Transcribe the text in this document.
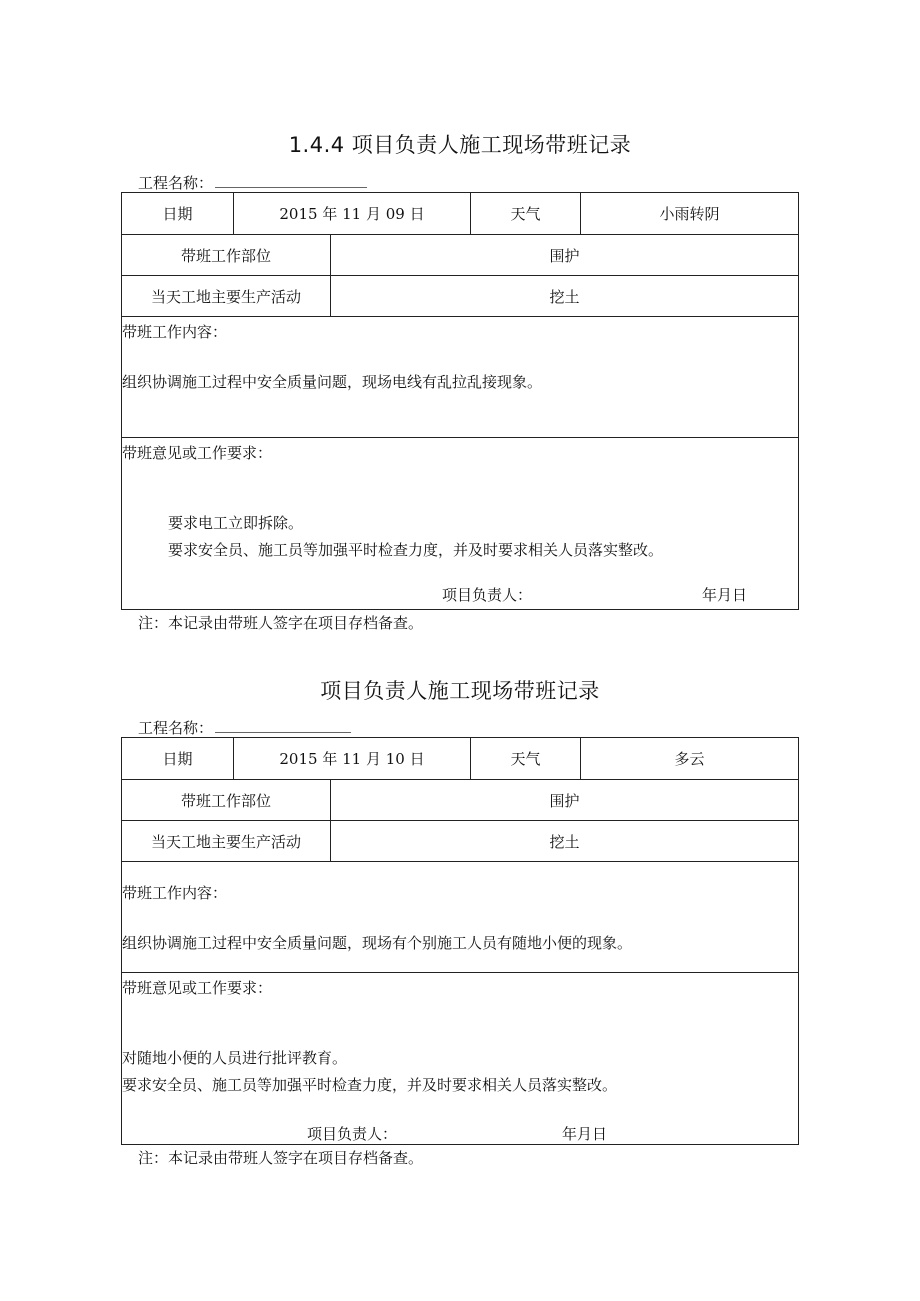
1.4.4 项目负责人施工现场带班记录
工程名称：
日期	2015 年 11 月 09 日	天气	小雨转阴
带班工作部位	围护
当天工地主要生产活动	挖土
带班工作内容：
组织协调施工过程中安全质量问题，现场电线有乱拉乱接现象。
带班意见或工作要求：
要求电工立即拆除。
要求安全员、施工员等加强平时检查力度，并及时要求相关人员落实整改。
项目负责人：	年月日
注：本记录由带班人签字在项目存档备查。
项目负责人施工现场带班记录
工程名称：
日期	2015 年 11 月 10 日	天气	多云
带班工作部位	围护
当天工地主要生产活动	挖土
带班工作内容：
组织协调施工过程中安全质量问题，现场有个别施工人员有随地小便的现象。
带班意见或工作要求：
对随地小便的人员进行批评教育。
要求安全员、施工员等加强平时检查力度，并及时要求相关人员落实整改。
项目负责人：	年月日
注：本记录由带班人签字在项目存档备查。
